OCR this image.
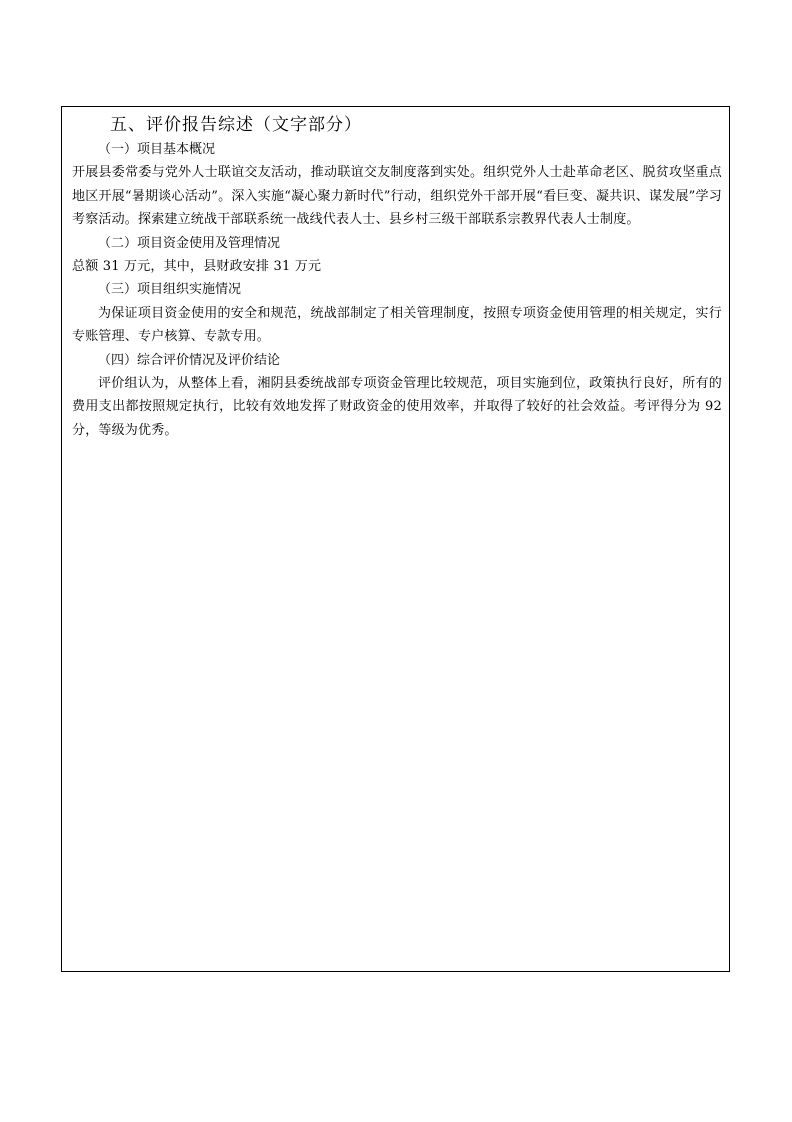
五、评价报告综述（文字部分）

（一）项目基本概况

开展县委常委与党外人士联谊交友活动，推动联谊交友制度落到实处。组织党外人士赴革命老区、脱贫攻坚重点地区开展“暑期谈心活动”。深入实施“凝心聚力新时代”行动，组织党外干部开展“看巨变、凝共识、谋发展”学习考察活动。探索建立统战干部联系统一战线代表人士、县乡村三级干部联系宗教界代表人士制度。

（二）项目资金使用及管理情况

总额 31 万元，其中，县财政安排 31 万元

（三）项目组织实施情况

为保证项目资金使用的安全和规范，统战部制定了相关管理制度，按照专项资金使用管理的相关规定，实行专账管理、专户核算、专款专用。

（四）综合评价情况及评价结论

评价组认为，从整体上看，湘阴县委统战部专项资金管理比较规范，项目实施到位，政策执行良好，所有的费用支出都按照规定执行，比较有效地发挥了财政资金的使用效率，并取得了较好的社会效益。考评得分为 92 分，等级为优秀。
